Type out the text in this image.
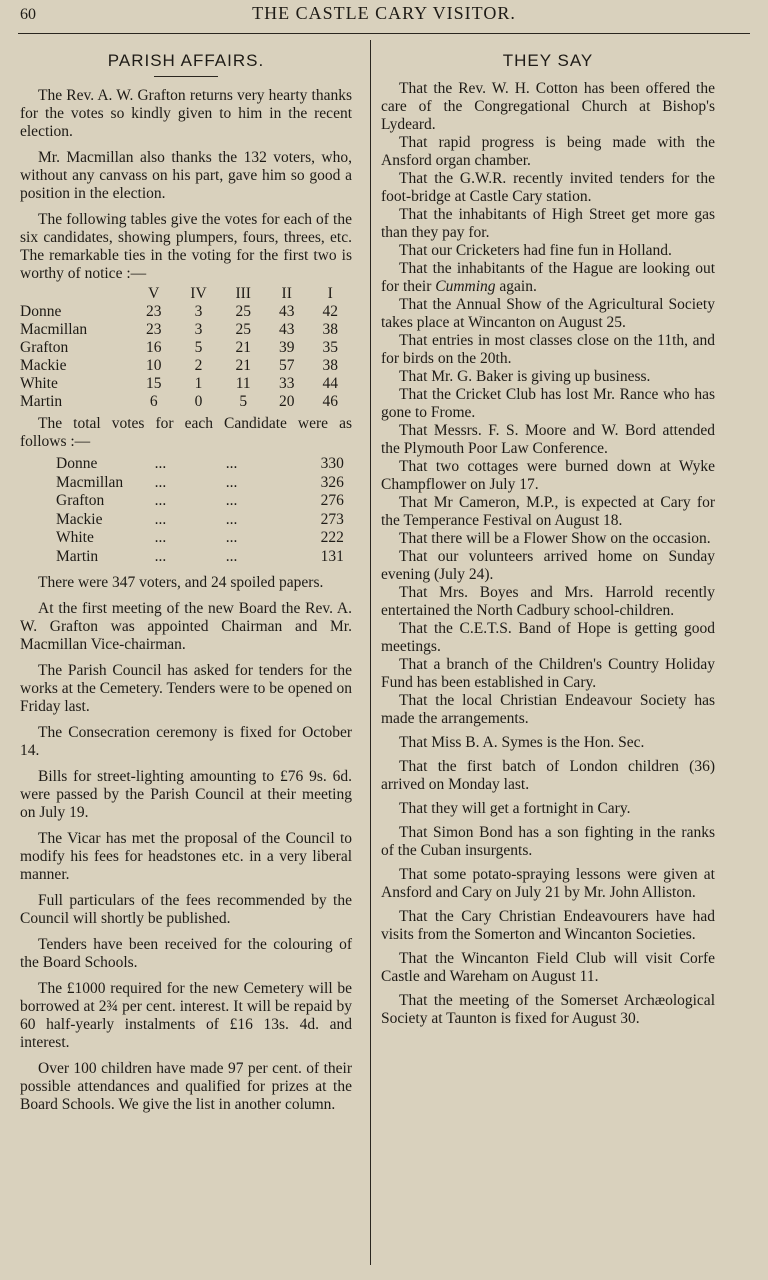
60	THE CASTLE CARY VISITOR.
PARISH AFFAIRS.

The Rev. A. W. Grafton returns very hearty thanks for the votes so kindly given to him in the recent election.

Mr. Macmillan also thanks the 132 voters, who, without any canvass on his part, gave him so good a position in the election.

The following tables give the votes for each of the six candidates, showing plumpers, fours, threes, etc. The remarkable ties in the voting for the first two is worthy of notice :—

	V	IV	III	II	I
Donne	23	3	25	43	42
Macmillan	23	3	25	43	38
Grafton	16	5	21	39	35
Mackie	10	2	21	57	38
White	15	1	11	33	44
Martin	6	0	5	20	46

The total votes for each Candidate were as follows :—

Donne	...	...	330
Macmillan	...	...	326
Grafton	...	...	276
Mackie	...	...	273
White	...	...	222
Martin	...	...	131

There were 347 voters, and 24 spoiled papers.

At the first meeting of the new Board the Rev. A. W. Grafton was appointed Chairman and Mr. Macmillan Vice-chairman.

The Parish Council has asked for tenders for the works at the Cemetery. Tenders were to be opened on Friday last.

The Consecration ceremony is fixed for October 14.

Bills for street-lighting amounting to £76 9s. 6d. were passed by the Parish Council at their meeting on July 19.

The Vicar has met the proposal of the Council to modify his fees for headstones etc. in a very liberal manner.

Full particulars of the fees recommended by the Council will shortly be published.

Tenders have been received for the colouring of the Board Schools.

The £1000 required for the new Cemetery will be borrowed at 2¾ per cent. interest. It will be repaid by 60 half-yearly instalments of £16 13s. 4d. and interest.

Over 100 children have made 97 per cent. of their possible attendances and qualified for prizes at the Board Schools. We give the list in another column.

THEY SAY

That the Rev. W. H. Cotton has been offered the care of the Congregational Church at Bishop's Lydeard.

That rapid progress is being made with the Ansford organ chamber.

That the G.W.R. recently invited tenders for the foot-bridge at Castle Cary station.

That the inhabitants of High Street get more gas than they pay for.

That our Cricketers had fine fun in Holland.

That the inhabitants of the Hague are looking out for their Cumming again.

That the Annual Show of the Agricultural Society takes place at Wincanton on August 25.

That entries in most classes close on the 11th, and for birds on the 20th.

That Mr. G. Baker is giving up business.

That the Cricket Club has lost Mr. Rance who has gone to Frome.

That Messrs. F. S. Moore and W. Bord attended the Plymouth Poor Law Conference.

That two cottages were burned down at Wyke Champflower on July 17.

That Mr Cameron, M.P., is expected at Cary for the Temperance Festival on August 18.

That there will be a Flower Show on the occasion.

That our volunteers arrived home on Sunday evening (July 24).

That Mrs. Boyes and Mrs. Harrold recently entertained the North Cadbury school-children.

That the C.E.T.S. Band of Hope is getting good meetings.

That a branch of the Children's Country Holiday Fund has been established in Cary.

That the local Christian Endeavour Society has made the arrangements.

That Miss B. A. Symes is the Hon. Sec.

That the first batch of London children (36) arrived on Monday last.

That they will get a fortnight in Cary.

That Simon Bond has a son fighting in the ranks of the Cuban insurgents.

That some potato-spraying lessons were given at Ansford and Cary on July 21 by Mr. John Alliston.

That the Cary Christian Endeavourers have had visits from the Somerton and Wincanton Societies.

That the Wincanton Field Club will visit Corfe Castle and Wareham on August 11.

That the meeting of the Somerset Archæological Society at Taunton is fixed for August 30.
